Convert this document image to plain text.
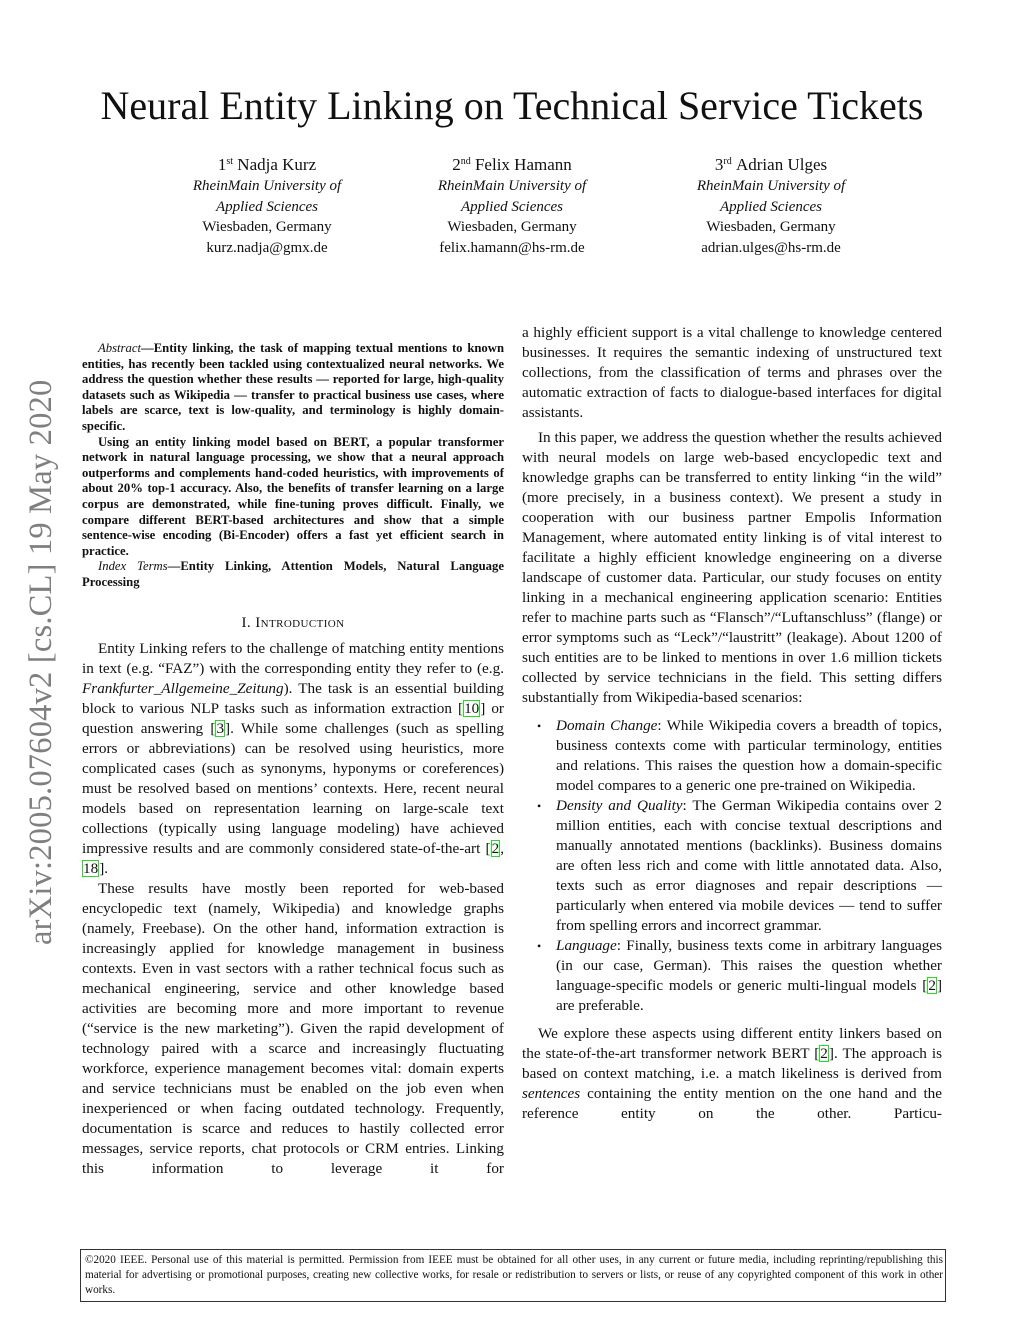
arXiv:2005.07604v2 [cs.CL] 19 May 2020
Neural Entity Linking on Technical Service Tickets
1st Nadja Kurz
RheinMain University of
Applied Sciences
Wiesbaden, Germany
kurz.nadja@gmx.de
2nd Felix Hamann
RheinMain University of
Applied Sciences
Wiesbaden, Germany
felix.hamann@hs-rm.de
3rd Adrian Ulges
RheinMain University of
Applied Sciences
Wiesbaden, Germany
adrian.ulges@hs-rm.de

Abstract—Entity linking, the task of mapping textual mentions to known entities, has recently been tackled using contextualized neural networks. We address the question whether these results — reported for large, high-quality datasets such as Wikipedia — transfer to practical business use cases, where labels are scarce, text is low-quality, and terminology is highly domain-specific.

Using an entity linking model based on BERT, a popular transformer network in natural language processing, we show that a neural approach outperforms and complements hand-coded heuristics, with improvements of about 20% top-1 accuracy. Also, the benefits of transfer learning on a large corpus are demonstrated, while fine-tuning proves difficult. Finally, we compare different BERT-based architectures and show that a simple sentence-wise encoding (Bi-Encoder) offers a fast yet efficient search in practice.

Index Terms—Entity Linking, Attention Models, Natural Language Processing

I. Introduction

Entity Linking refers to the challenge of matching entity mentions in text (e.g. “FAZ”) with the corresponding entity they refer to (e.g. Frankfurter_Allgemeine_Zeitung). The task is an essential building block to various NLP tasks such as information extraction [10] or question answering [3]. While some challenges (such as spelling errors or abbreviations) can be resolved using heuristics, more complicated cases (such as synonyms, hyponyms or coreferences) must be resolved based on mentions’ contexts. Here, recent neural models based on representation learning on large-scale text collections (typically using language modeling) have achieved impressive results and are commonly considered state-of-the-art [2, 18].

These results have mostly been reported for web-based encyclopedic text (namely, Wikipedia) and knowledge graphs (namely, Freebase). On the other hand, information extraction is increasingly applied for knowledge management in business contexts. Even in vast sectors with a rather technical focus such as mechanical engineering, service and other knowledge based activities are becoming more and more important to revenue (“service is the new marketing”). Given the rapid development of technology paired with a scarce and increasingly fluctuating workforce, experience management becomes vital: domain experts and service technicians must be enabled on the job even when inexperienced or when facing outdated technology. Frequently, documentation is scarce and reduces to hastily collected error messages, service reports, chat protocols or CRM entries. Linking this information to leverage it for

a highly efficient support is a vital challenge to knowledge centered businesses. It requires the semantic indexing of unstructured text collections, from the classification of terms and phrases over the automatic extraction of facts to dialogue-based interfaces for digital assistants.

In this paper, we address the question whether the results achieved with neural models on large web-based encyclopedic text and knowledge graphs can be transferred to entity linking “in the wild” (more precisely, in a business context). We present a study in cooperation with our business partner Empolis Information Management, where automated entity linking is of vital interest to facilitate a highly efficient knowledge engineering on a diverse landscape of customer data. Particular, our study focuses on entity linking in a mechanical engineering application scenario: Entities refer to machine parts such as “Flansch”/“Luftanschluss” (flange) or error symptoms such as “Leck”/“laustritt” (leakage). About 1200 of such entities are to be linked to mentions in over 1.6 million tickets collected by service technicians in the field. This setting differs substantially from Wikipedia-based scenarios:

• Domain Change: While Wikipedia covers a breadth of topics, business contexts come with particular terminology, entities and relations. This raises the question how a domain-specific model compares to a generic one pre-trained on Wikipedia.
• Density and Quality: The German Wikipedia contains over 2 million entities, each with concise textual descriptions and manually annotated mentions (backlinks). Business domains are often less rich and come with little annotated data. Also, texts such as error diagnoses and repair descriptions — particularly when entered via mobile devices — tend to suffer from spelling errors and incorrect grammar.
• Language: Finally, business texts come in arbitrary languages (in our case, German). This raises the question whether language-specific models or generic multi-lingual models [2] are preferable.

We explore these aspects using different entity linkers based on the state-of-the-art transformer network BERT [2]. The approach is based on context matching, i.e. a match likeliness is derived from sentences containing the entity mention on the one hand and the reference entity on the other. Particu-

©2020 IEEE. Personal use of this material is permitted. Permission from IEEE must be obtained for all other uses, in any current or future media, including reprinting/republishing this material for advertising or promotional purposes, creating new collective works, for resale or redistribution to servers or lists, or reuse of any copyrighted component of this work in other works.
